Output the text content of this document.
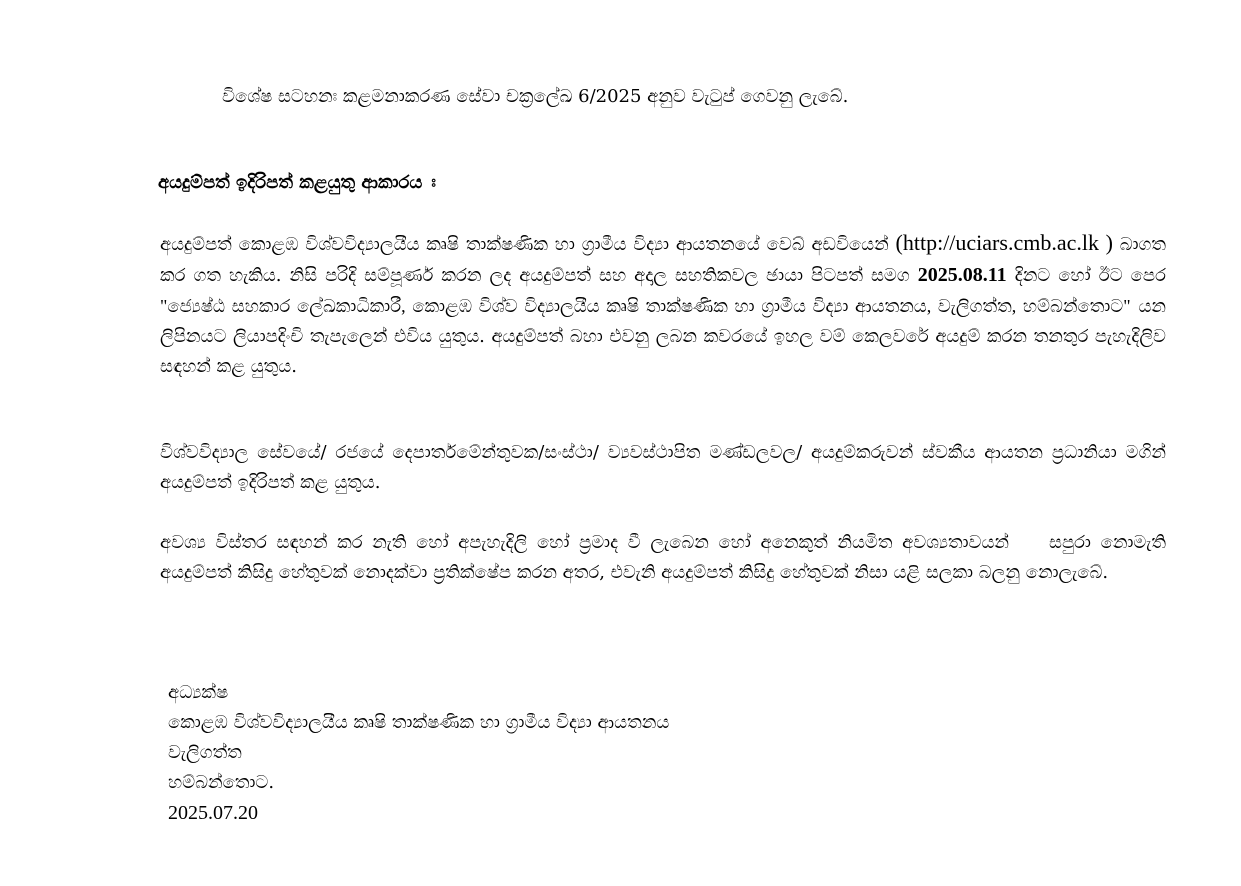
විශේෂ සටහනඃ කළමනාකරණ සේවා චක්‍රලේඛ 6/2025 අනුව වැටුප් ගෙවනු ලැබේ.
අයදුම්පත් ඉදිරිපත් කළයුතු ආකාරය ඃ
අයදුම්පත් කොළඹ විශ්වවිද්‍යාලයීය කෘෂි තාක්ෂණික හා ග්‍රාමීය විද්‍යා ආයතනයේ වෙබ් අඩවියෙන් (http://uciars.cmb.ac.lk ) බාගත කර ගත හැකිය. නිසි පරිදි සම්පූර්ණ කරන ලද අයදුම්පත් සහ අදාල සහතිකවල ඡායා පිටපත් සමග 2025.08.11 දිනට හෝ ඊට පෙර "ජ්‍යෙෂ්ඨ සහකාර ලේඛකාධිකාරී, කොළඹ විශ්ව විද්‍යාලයීය කෘෂි තාක්ෂණික හා ග්‍රාමීය විද්‍යා ආයතනය, වැලිගත්ත, හම්බන්තොට" යන ලිපිනයට ලියාපදිංචි තැපැලෙන් එවිය යුතුය. අයදුම්පත් බහා එවනු ලබන කවරයේ ඉහල වම් කෙලවරේ අයදුම් කරන තනතුර පැහැදිලිව සඳහන් කළ යුතුය.
විශ්වවිද්‍යාල සේවයේ/ රජයේ දෙපාර්තමේන්තුවක/සංස්ථා/ ව්‍යවස්ථාපිත මණ්ඩලවල/ අයදුම්කරුවන් ස්වකීය ආයතන ප්‍රධානියා මගින් අයදුම්පත් ඉදිරිපත් කළ යුතුය.
අවශ්‍ය විස්තර සඳහන් කර නැති හෝ අපැහැදිලි හෝ ප්‍රමාද වී ලැබෙන හෝ අනෙකුත් නියමිත අවශ්‍යතාවයන් සපුරා නොමැති අයදුම්පත් කිසිදු හේතුවක් නොදක්වා ප්‍රතික්ෂේප කරන අතර, එවැනි අයදුම්පත් කිසිදු හේතුවක් නිසා යළි සලකා බලනු නොලැබේ.
අධ්‍යක්ෂ
කොළඹ විශ්වවිද්‍යාලයීය කෘෂි තාක්ෂණික හා ග්‍රාමීය විද්‍යා ආයතනය
වැලිගත්ත
හම්බන්තොට.
2025.07.20
